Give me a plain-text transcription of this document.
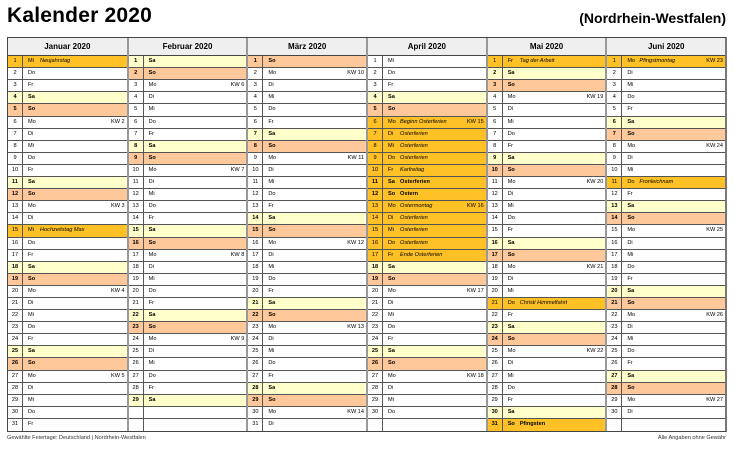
Kalender 2020	(Nordrhein-Westfalen)
Januar 2020
1	Mi	Neujahrstag
2	Do
3	Fr
4	Sa
5	So
6	Mo	KW 2
7	Di
8	Mi
9	Do
10	Fr
11	Sa
12	So
13	Mo	KW 3
14	Di
15	Mi	Hochzeitstag Max
16	Do
17	Fr
18	Sa
19	So
20	Mo	KW 4
21	Di
22	Mi
23	Do
24	Fr
25	Sa
26	So
27	Mo	KW 5
28	Di
29	Mi
30	Do
31	Fr
Februar 2020
1	Sa
2	So
3	Mo	KW 6
4	Di
5	Mi
6	Do
7	Fr
8	Sa
9	So
10	Mo	KW 7
11	Di
12	Mi
13	Do
14	Fr
15	Sa
16	So
17	Mo	KW 8
18	Di
19	Mi
20	Do
21	Fr
22	Sa
23	So
24	Mo	KW 9
25	Di
26	Mi
27	Do
28	Fr
29	Sa
März 2020
1	So
2	Mo	KW 10
3	Di
4	Mi
5	Do
6	Fr
7	Sa
8	So
9	Mo	KW 11
10	Di
11	Mi
12	Do
13	Fr
14	Sa
15	So
16	Mo	KW 12
17	Di
18	Mi
19	Do
20	Fr
21	Sa
22	So
23	Mo	KW 13
24	Di
25	Mi
26	Do
27	Fr
28	Sa
29	So
30	Mo	KW 14
31	Di
April 2020
1	Mi
2	Do
3	Fr
4	Sa
5	So
6	Mo Beginn Osterferien	KW 15
7	Di	Osterferien
8	Mi	Osterferien
9	Do Osterferien
10	Fr	Karfreitag
11	Sa Osterferien
12	So Ostern
13	Mo Ostermontag	KW 16
14	Di	Osterferien
15	Mi	Osterferien
16	Do Osterferien
17	Fr	Ende Osterferien
18	Sa
19	So
20	Mo	KW 17
21	Di
22	Mi
23	Do
24	Fr
25	Sa
26	So
27	Mo	KW 18
28	Di
29	Mi
30	Do
Mai 2020
1	Fr	Tag der Arbeit
2	Sa
3	So
4	Mo	KW 19
5	Di
6	Mi
7	Do
8	Fr
9	Sa
10	So
11	Mo	KW 20
12	Di
13	Mi
14	Do
15	Fr
16	Sa
17	So
18	Mo	KW 21
19	Di
20	Mi
21	Do Christi Himmelfahrt
22	Fr
23	Sa
24	So
25	Mo	KW 22
26	Di
27	Mi
28	Do
29	Fr
30	Sa
31	So Pfingsten
Juni 2020
1	Mo Pfingstmontag	KW 23
2	Di
3	Mi
4	Do
5	Fr
6	Sa
7	So
8	Mo	KW 24
9	Di
10	Mi
11	Do Fronleichnam
12	Fr
13	Sa
14	So
15	Mo	KW 25
16	Di
17	Mi
18	Do
19	Fr
20	Sa
21	So
22	Mo	KW 26
23	Di
24	Mi
25	Do
26	Fr
27	Sa
28	So
29	Mo	KW 27
30	Di
Gewählte Feiertage: Deutschland | Nordrhein-Westfalen	Alle Angaben ohne Gewähr
